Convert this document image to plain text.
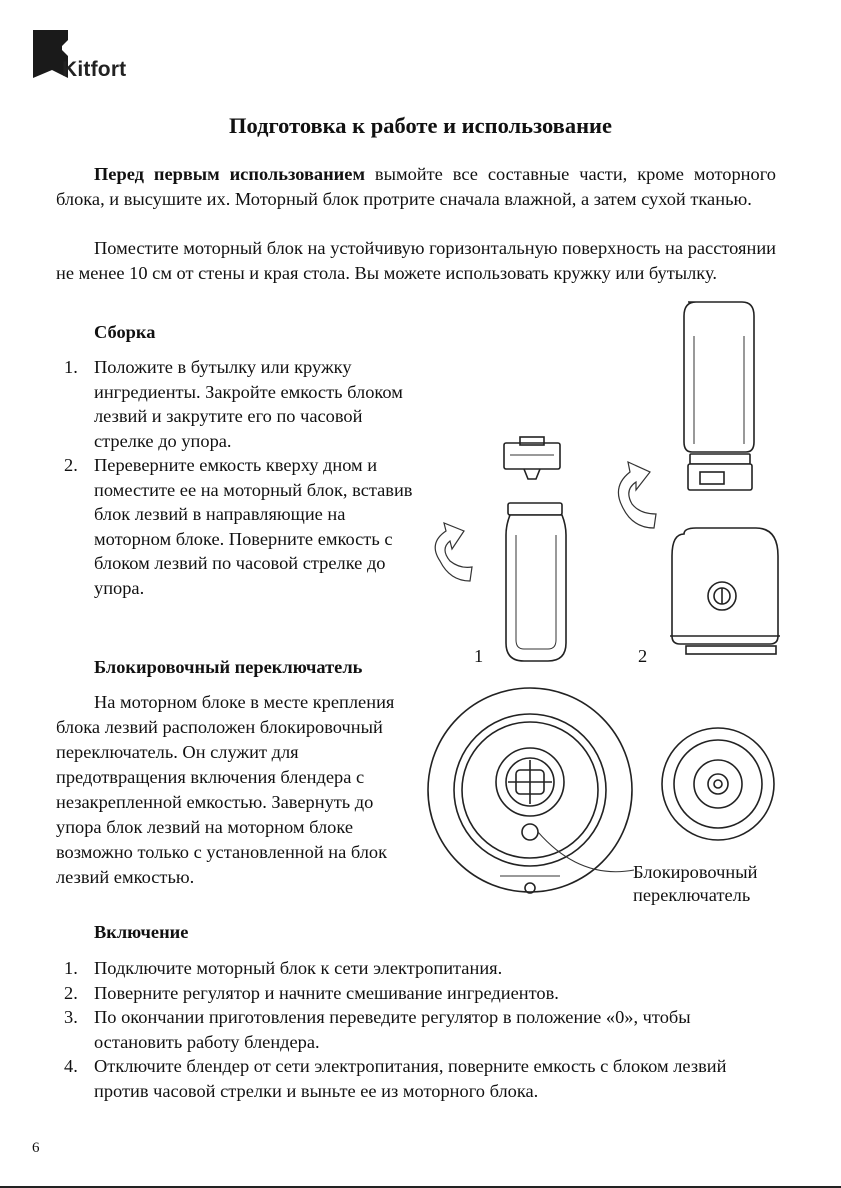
Kitfort
Подготовка к работе и использование
Перед первым использованием вымойте все составные части, кроме моторного блока, и высушите их. Моторный блок протрите сначала влажной, а затем сухой тканью.
Поместите моторный блок на устойчивую горизонтальную поверхность на расстоянии не менее 10 см от стены и края стола. Вы можете использовать кружку или бутылку.
Сборка
1. Положите в бутылку или кружку ингредиенты. Закройте емкость блоком лезвий и закрутите его по часовой стрелке до упора.
2. Переверните емкость кверху дном и поместите ее на моторный блок, вставив блок лезвий в направляющие на моторном блоке. Поверните емкость с блоком лезвий по часовой стрелке до упора.
Блокировочный переключатель
На моторном блоке в месте крепления блока лезвий расположен блокировочный переключатель. Он служит для предотвращения включения блендера с незакрепленной емкостью. Завернуть до упора блок лезвий на моторном блоке возможно только с установленной на блок лезвий емкостью.
Включение
1. Подключите моторный блок к сети электропитания.
2. Поверните регулятор и начните смешивание ингредиентов.
3. По окончании приготовления переведите регулятор в положение «0», чтобы остановить работу блендера.
4. Отключите блендер от сети электропитания, поверните емкость с блоком лезвий против часовой стрелки и выньте ее из моторного блока.
1	2
Блокировочный
переключатель
6
